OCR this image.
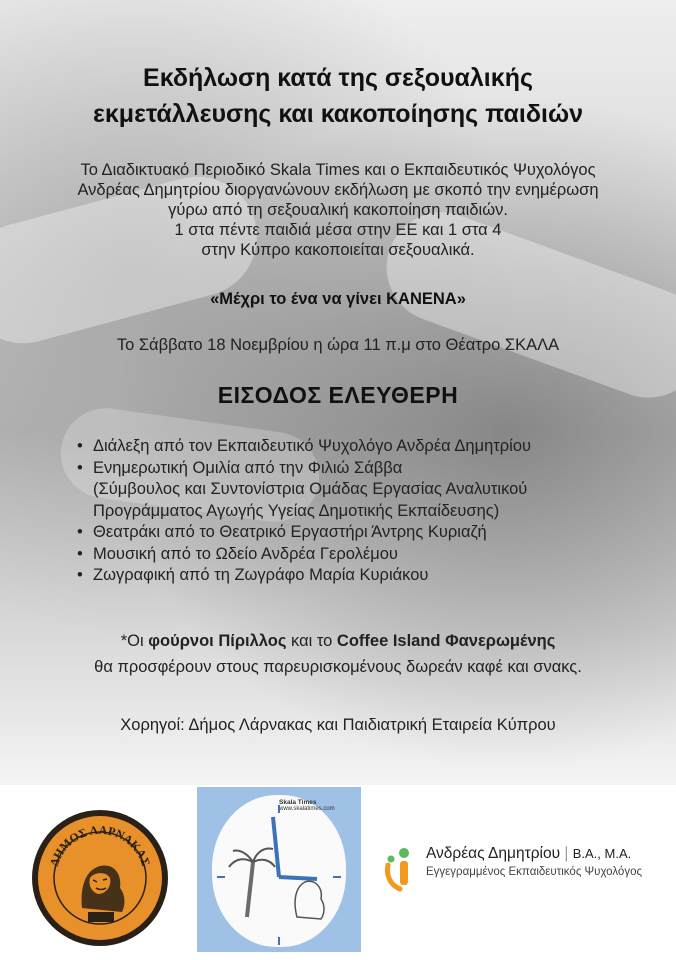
Εκδήλωση κατά της σεξουαλικής
εκμετάλλευσης και κακοποίησης παιδιών
Το Διαδικτυακό Περιοδικό Skala Times και ο Εκπαιδευτικός Ψυχολόγος
Ανδρέας Δημητρίου διοργανώνουν εκδήλωση με σκοπό την ενημέρωση
γύρω από τη σεξουαλική κακοποίηση παιδιών.
1 στα πέντε παιδιά μέσα στην ΕΕ και 1 στα 4
στην Κύπρο κακοποιείται σεξουαλικά.
«Μέχρι το ένα να γίνει ΚΑΝΕΝΑ»
Το Σάββατο 18 Νοεμβρίου η ώρα 11 π.μ στο Θέατρο ΣΚΑΛΑ
ΕΙΣΟΔΟΣ ΕΛΕΥΘΕΡΗ
• Διάλεξη από τον Εκπαιδευτικό Ψυχολόγο Ανδρέα Δημητρίου
• Ενημερωτική Ομιλία από την Φιλιώ Σάββα
(Σύμβουλος και Συντονίστρια Ομάδας Εργασίας Αναλυτικού
Προγράμματος Αγωγής Υγείας Δημοτικής Εκπαίδευσης)
• Θεατράκι από το Θεατρικό Εργαστήρι Άντρης Κυριαζή
• Μουσική από το Ωδείο Ανδρέα Γερολέμου
• Ζωγραφική από τη Ζωγράφο Μαρία Κυριάκου
*Οι φούρνοι Πίριλλος και το Coffee Island Φανερωμένης
θα προσφέρουν στους παρευρισκομένους δωρεάν καφέ και σνακς.
Χορηγοί: Δήμος Λάρνακας και Παιδιατρική Εταιρεία Κύπρου
ΔΗΜΟΣ ΛΑΡΝΑΚΑΣ
Skala Times
www.skalatimes.com
Ανδρέας Δημητρίου | B.A., M.A.
Εγγεγραμμένος Εκπαιδευτικός Ψυχολόγος
